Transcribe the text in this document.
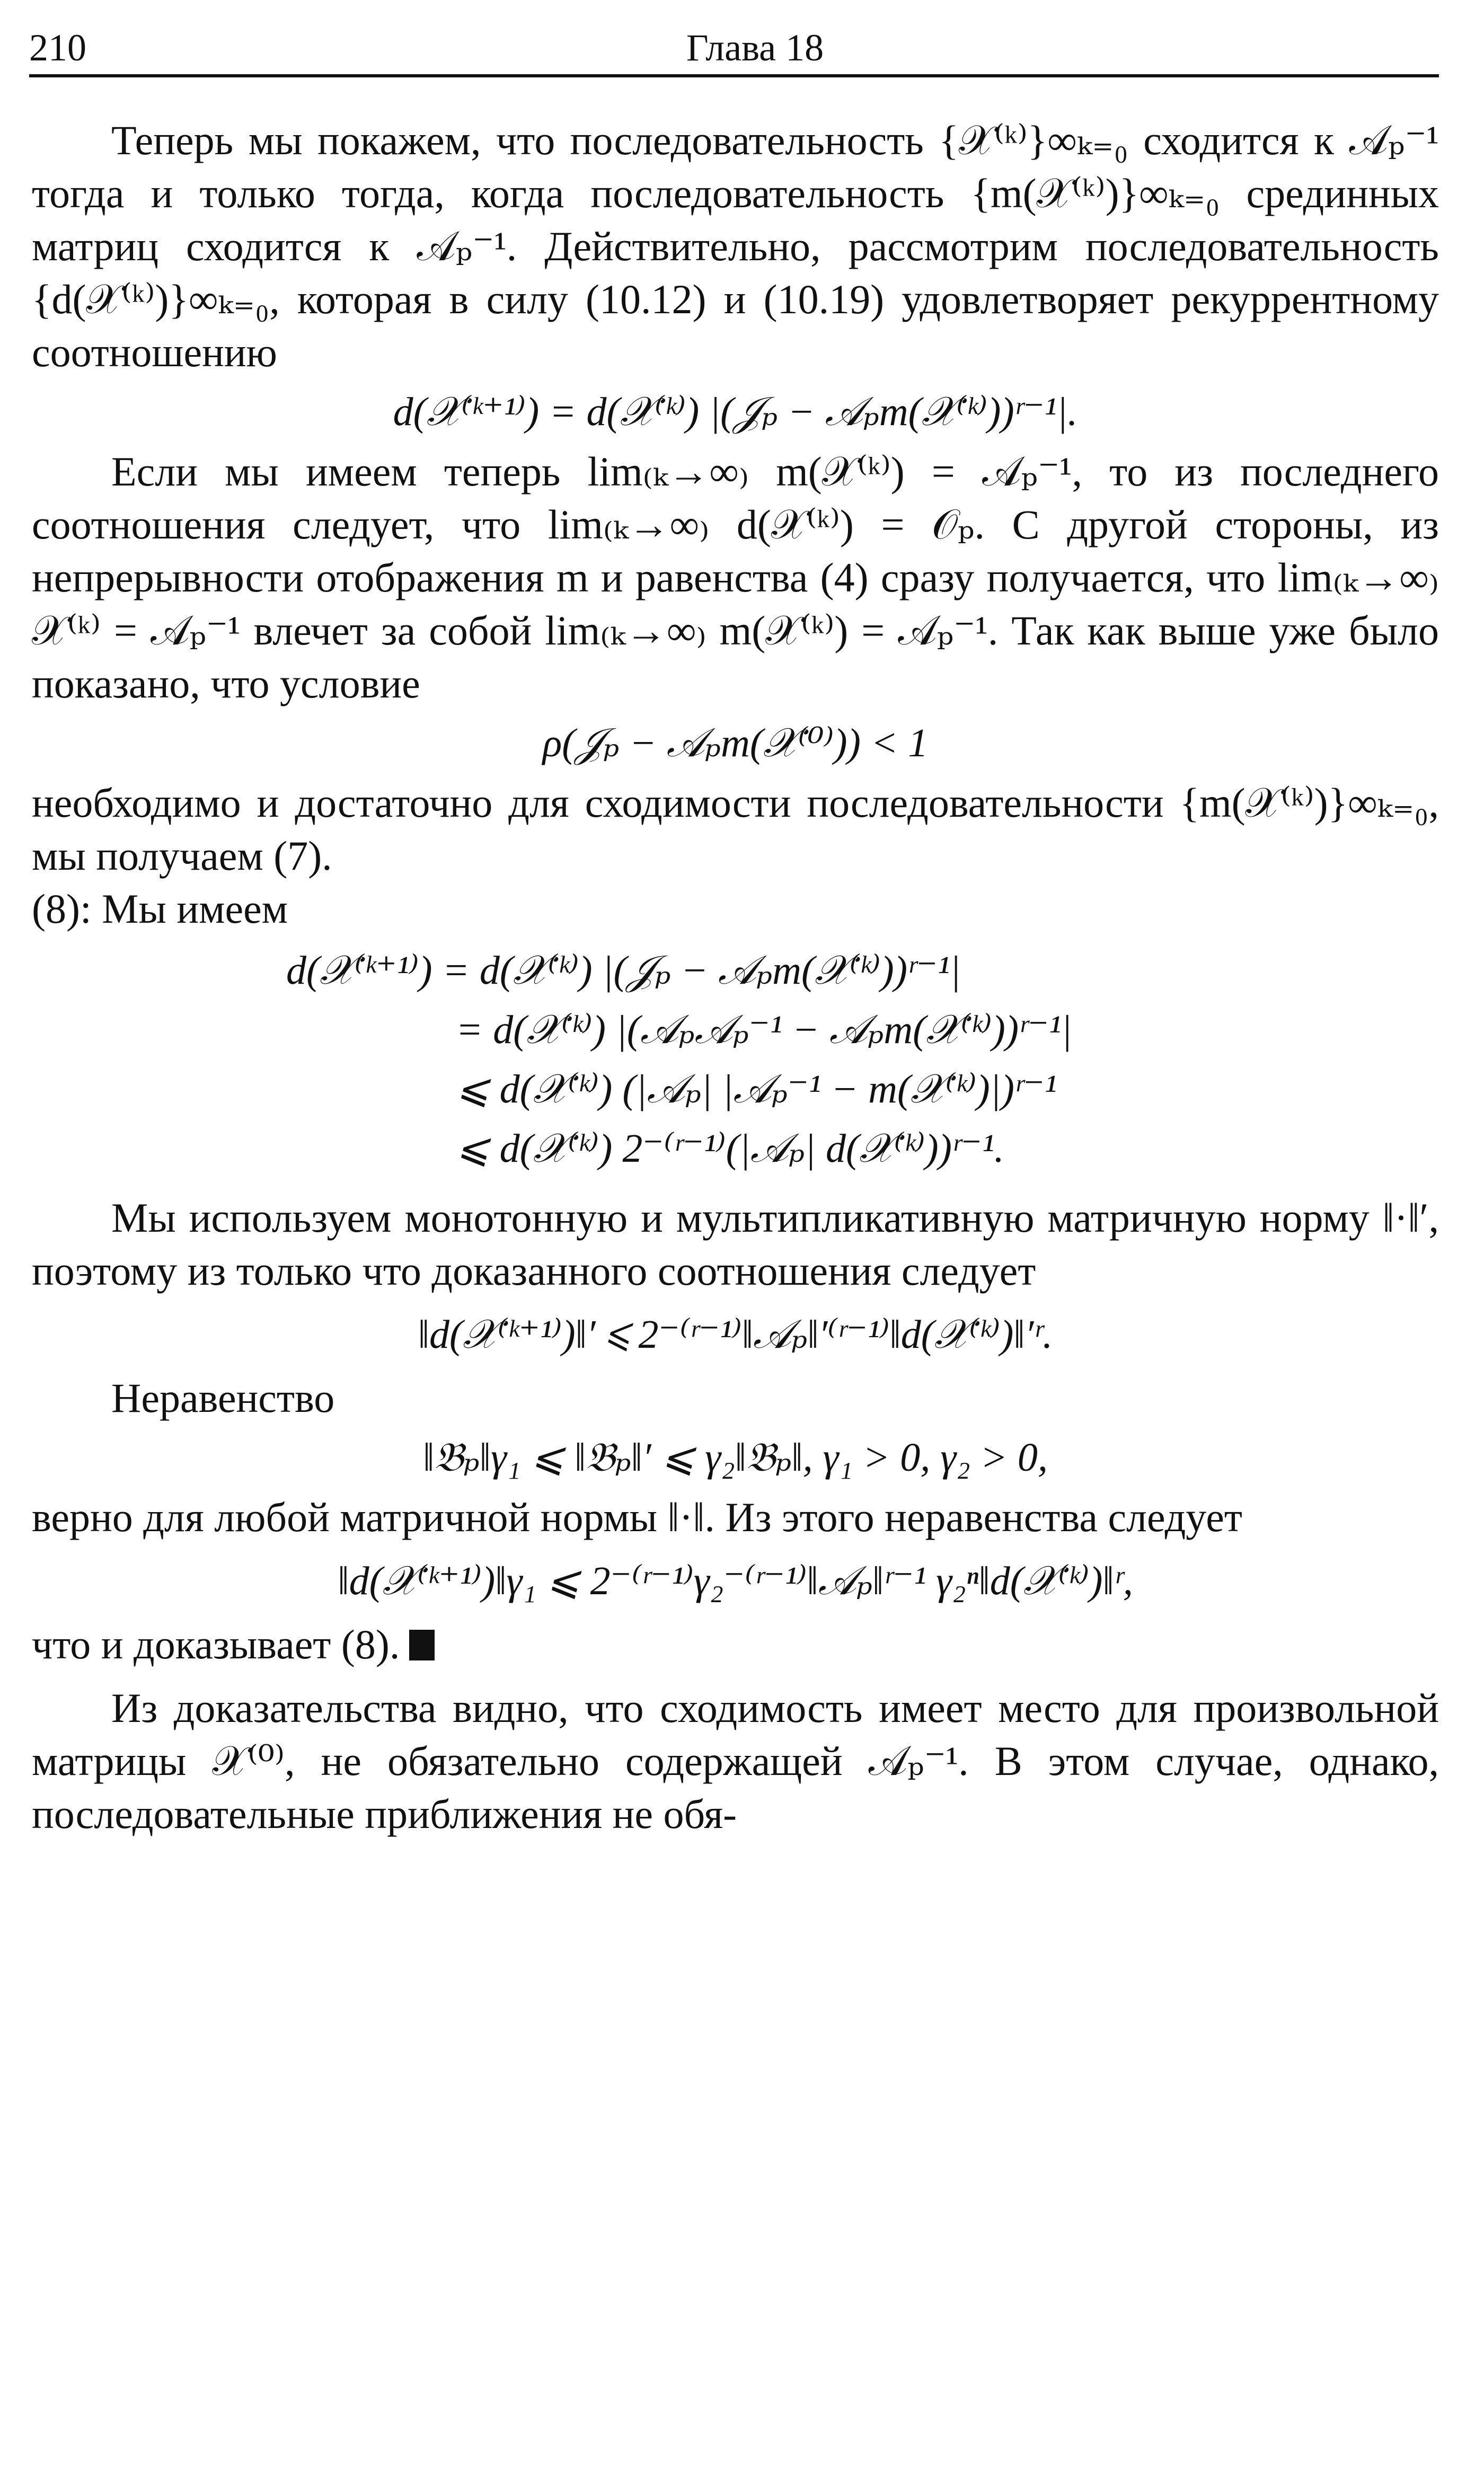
210	Глава 18

Теперь мы покажем, что последовательность {𝒳⁽ᵏ⁾}∞ₖ₌₀ сходится к 𝒜ₚ⁻¹ тогда и только тогда, когда последовательность {m(𝒳⁽ᵏ⁾)}∞ₖ₌₀ срединных матриц сходится к 𝒜ₚ⁻¹. Действительно, рассмотрим последовательность {d(𝒳⁽ᵏ⁾)}∞ₖ₌₀, которая в силу (10.12) и (10.19) удовлетворяет рекуррентному соотношению

d(𝒳⁽ᵏ⁺¹⁾) = d(𝒳⁽ᵏ⁾) |(𝒥ₚ − 𝒜ₚm(𝒳⁽ᵏ⁾))ʳ⁻¹|.

Если мы имеем теперь lim₍ₖ→∞₎ m(𝒳⁽ᵏ⁾) = 𝒜ₚ⁻¹, то из последнего соотношения следует, что lim₍ₖ→∞₎ d(𝒳⁽ᵏ⁾) = 𝒪ₚ. С другой стороны, из непрерывности отображения m и равенства (4) сразу получается, что lim₍ₖ→∞₎ 𝒳⁽ᵏ⁾ = 𝒜ₚ⁻¹ влечет за собой lim₍ₖ→∞₎ m(𝒳⁽ᵏ⁾) = 𝒜ₚ⁻¹. Так как выше уже было показано, что условие

ρ(𝒥ₚ − 𝒜ₚm(𝒳⁽⁰⁾)) < 1

необходимо и достаточно для сходимости последовательности {m(𝒳⁽ᵏ⁾)}∞ₖ₌₀, мы получаем (7).

(8): Мы имеем

d(𝒳⁽ᵏ⁺¹⁾) = d(𝒳⁽ᵏ⁾) |(𝒥ₚ − 𝒜ₚm(𝒳⁽ᵏ⁾))ʳ⁻¹|
= d(𝒳⁽ᵏ⁾) |(𝒜ₚ𝒜ₚ⁻¹ − 𝒜ₚm(𝒳⁽ᵏ⁾))ʳ⁻¹|
⩽ d(𝒳⁽ᵏ⁾) (|𝒜ₚ| |𝒜ₚ⁻¹ − m(𝒳⁽ᵏ⁾)|)ʳ⁻¹
⩽ d(𝒳⁽ᵏ⁾) 2⁻⁽ʳ⁻¹⁾(|𝒜ₚ| d(𝒳⁽ᵏ⁾))ʳ⁻¹.

Мы используем монотонную и мультипликативную матричную норму ‖·‖′, поэтому из только что доказанного соотношения следует

‖d(𝒳⁽ᵏ⁺¹⁾)‖′ ⩽ 2⁻⁽ʳ⁻¹⁾‖𝒜ₚ‖′⁽ʳ⁻¹⁾‖d(𝒳⁽ᵏ⁾)‖′ʳ.

Неравенство

‖𝔅ₚ‖γ₁ ⩽ ‖𝔅ₚ‖′ ⩽ γ₂‖𝔅ₚ‖, γ₁ > 0, γ₂ > 0,

верно для любой матричной нормы ‖·‖. Из этого неравенства следует

‖d(𝒳⁽ᵏ⁺¹⁾)‖γ₁ ⩽ 2⁻⁽ʳ⁻¹⁾γ₂⁻⁽ʳ⁻¹⁾‖𝒜ₚ‖ʳ⁻¹ γ₂ⁿ‖d(𝒳⁽ᵏ⁾)‖ʳ,

что и доказывает (8).

Из доказательства видно, что сходимость имеет место для произвольной матрицы 𝒳⁽⁰⁾, не обязательно содержащей 𝒜ₚ⁻¹. В этом случае, однако, последовательные приближения не обя-
